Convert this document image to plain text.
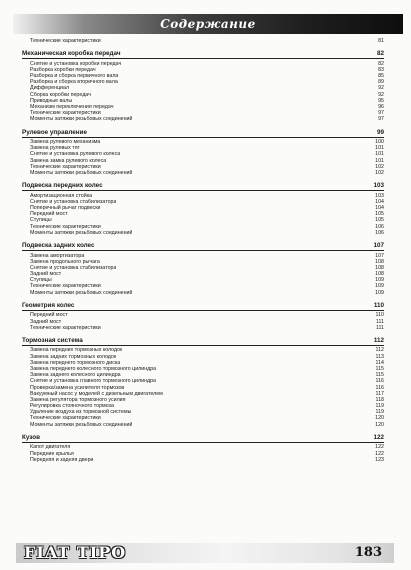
Содержание
Технические характеристики	81
Механическая коробка передач	82
Снятие и установка коробки передач	82
Разборка коробки передач	83
Разборка и сборка первичного вала	85
Разборка и сборка вторичного вала	89
Дифференциал	92
Сборка коробки передач	92
Приводные валы	95
Механизм переключения передач	96
Технические характеристики	97
Моменты затяжки резьбовых соединений	97
Рулевое управление	99
Замена рулевого механизма	100
Замена рулевых тяг	101
Снятие и установка рулевого колеса	101
Замена замка рулевого колеса	101
Технические характеристики	102
Моменты затяжки резьбовых соединений	102
Подвеска передних колес	103
Амортизационная стойка	103
Снятие и установка стабилизатора	104
Поперечный рычаг подвески	104
Передний мост	105
Ступицы	105
Технические характеристики	106
Моменты затяжки резьбовых соединений	106
Подвеска задних колес	107
Замена амортизатора	107
Замена продольного рычага	108
Снятие и установка стабилизатора	108
Задний мост	108
Ступицы	109
Технические характеристики	109
Моменты затяжки резьбовых соединений	109
Геометрия колес	110
Передний мост	110
Задний мост	111
Технические характеристики	111
Тормозная система	112
Замена передних тормозных колодок	112
Замена задних тормозных колодок	113
Замена переднего тормозного диска	114
Замена переднего колесного тормозного цилиндра	115
Замена заднего колесного цилиндра	115
Снятие и установка главного тормозного цилиндра	116
Проверка/замена усилителя тормозов	116
Вакуумный насос у моделей с дизельным двигателем	117
Замена регулятора тормозного усилия	118
Регулировка стояночного тормоза	119
Удаление воздуха из тормозной системы	119
Технические характеристики	120
Моменты затяжки резьбовых соединений	120
Кузов	122
Капот двигателя	122
Передние крылья	122
Передняя и задняя двери	123
FIAT TIPO	183
